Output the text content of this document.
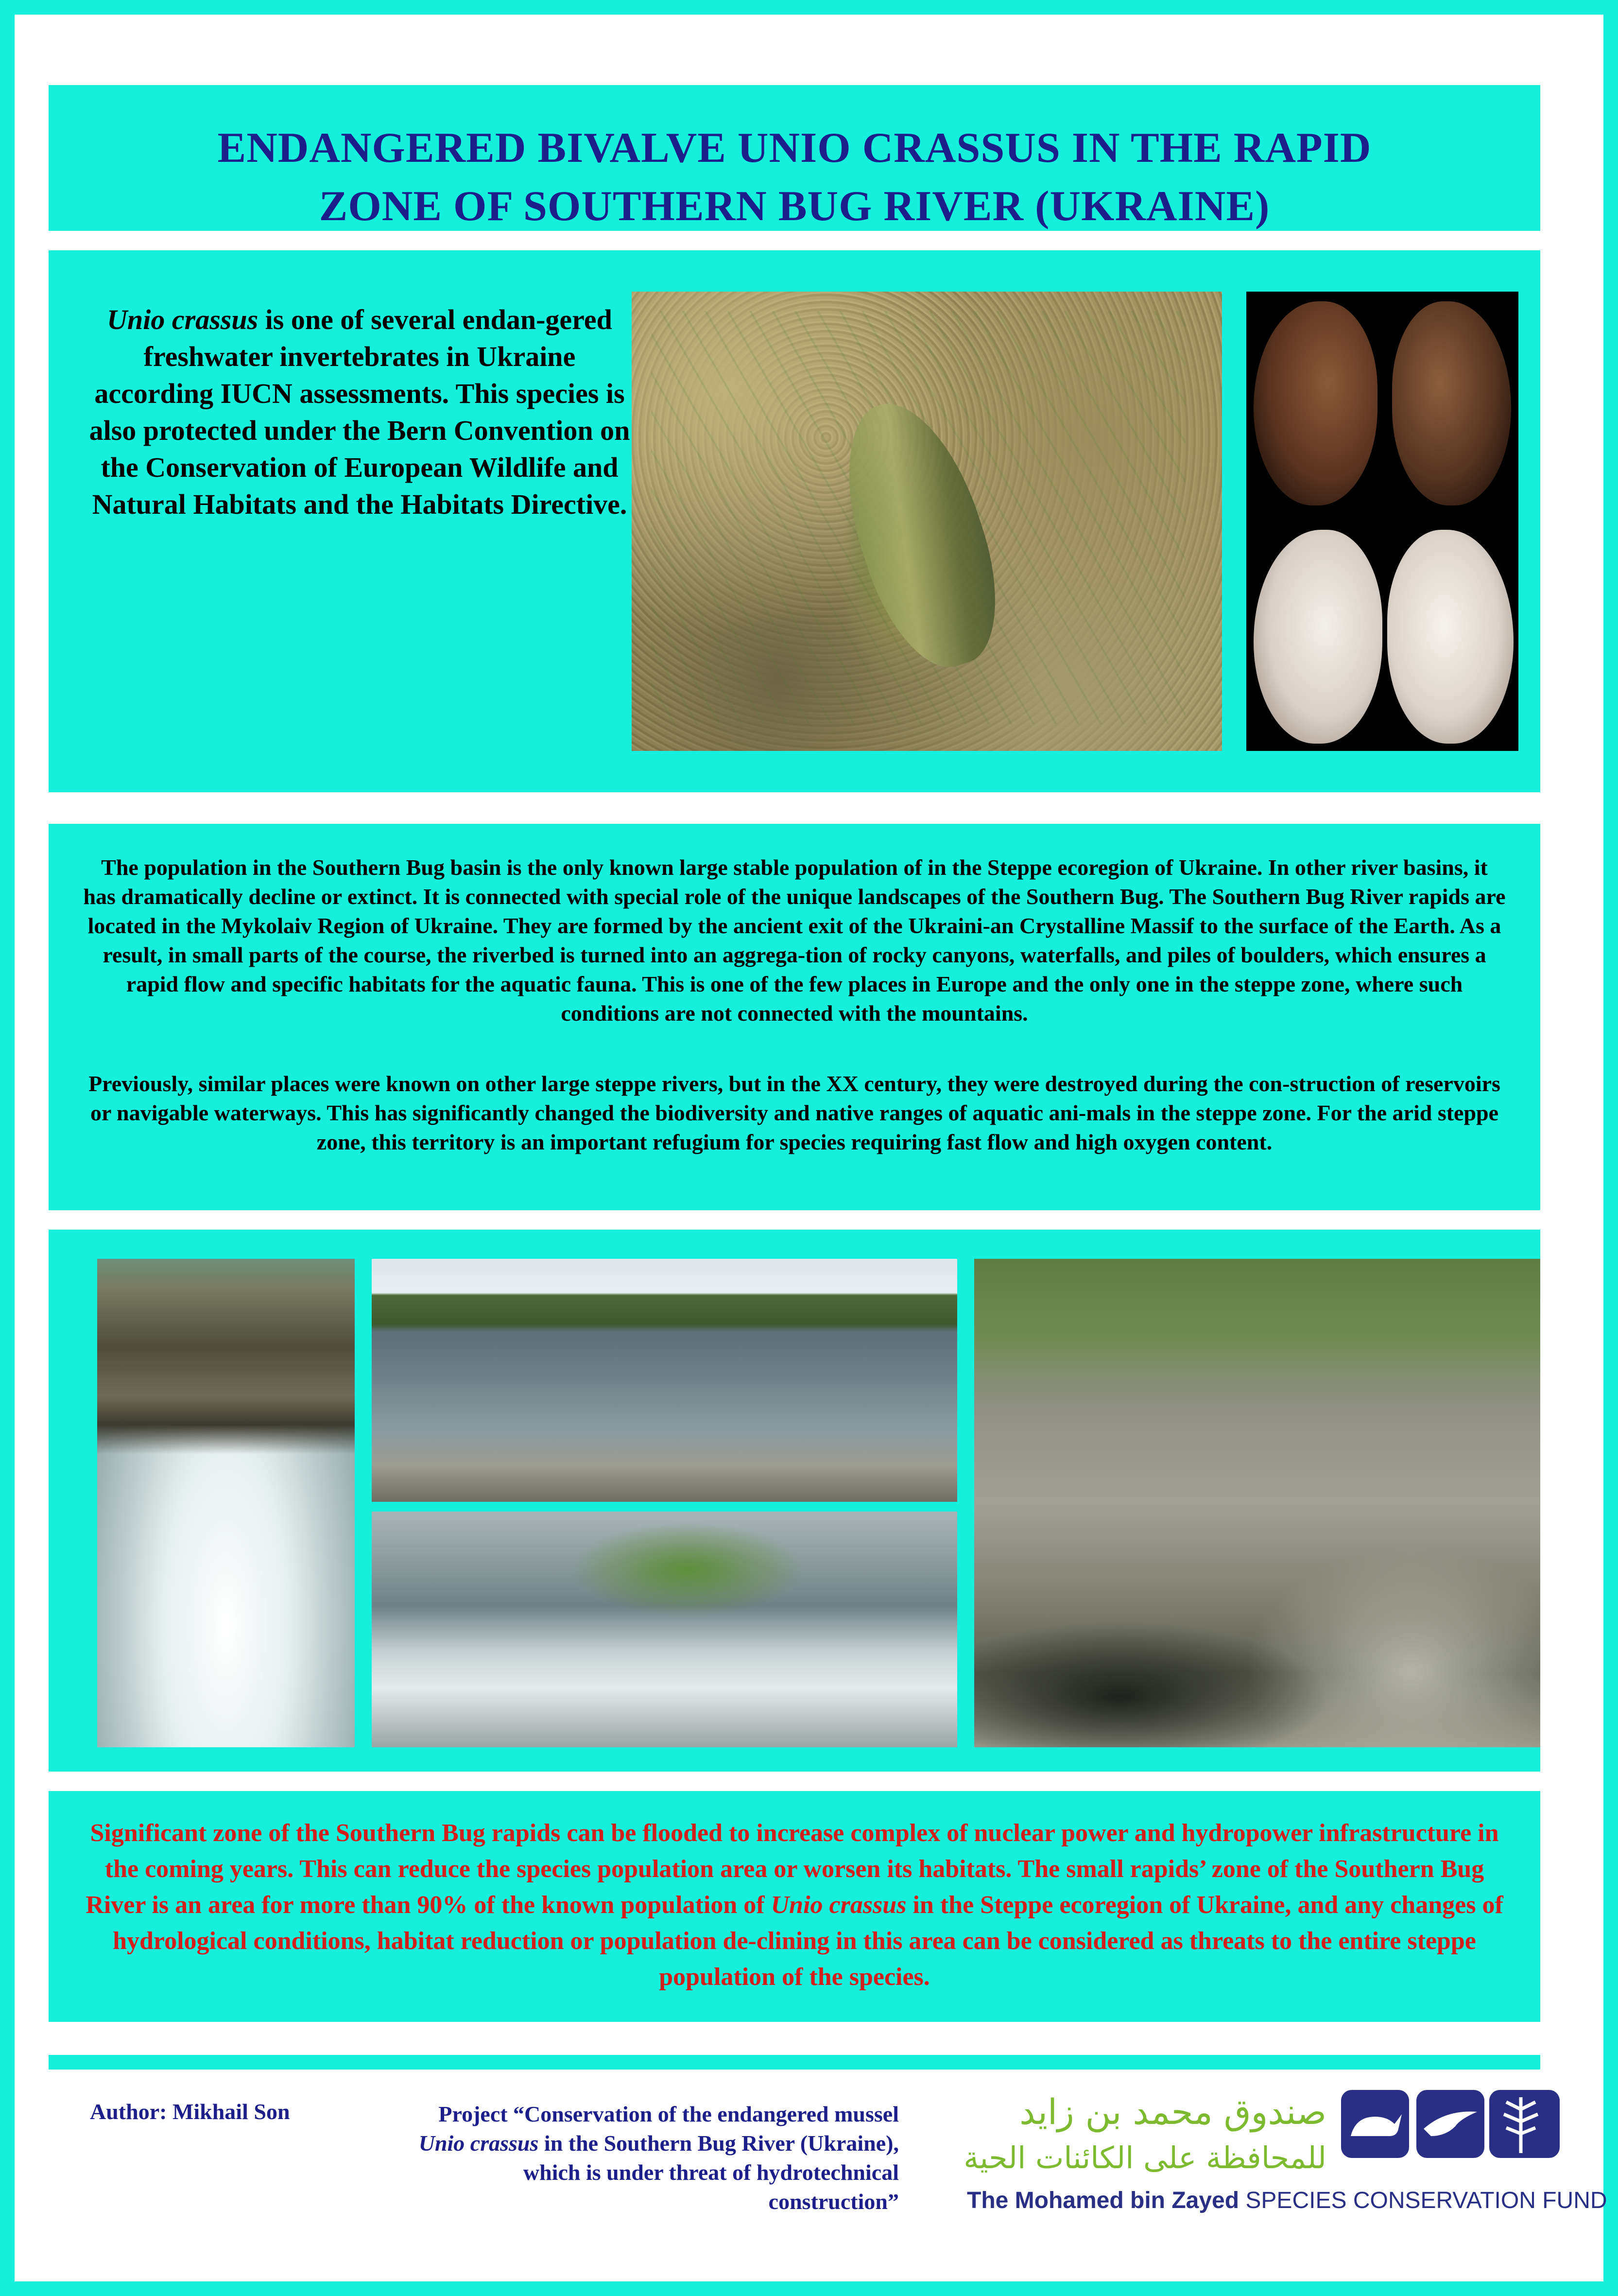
ENDANGERED BIVALVE UNIO CRASSUS IN THE RAPID
ZONE OF SOUTHERN BUG RIVER (UKRAINE)

Unio crassus is one of several endan-gered freshwater invertebrates in Ukraine according IUCN assessments. This species is also protected under the Bern Convention on the Conservation of European Wildlife and Natural Habitats and the Habitats Directive.

The population in the Southern Bug basin is the only known large stable population of in the Steppe ecoregion of Ukraine. In other river basins, it has dramatically decline or extinct. It is connected with special role of the unique landscapes of the Southern Bug. The Southern Bug River rapids are located in the Mykolaiv Region of Ukraine. They are formed by the ancient exit of the Ukraini-an Crystalline Massif to the surface of the Earth. As a result, in small parts of the course, the riverbed is turned into an aggrega-tion of rocky canyons, waterfalls, and piles of boulders, which ensures a rapid flow and specific habitats for the aquatic fauna. This is one of the few places in Europe and the only one in the steppe zone, where such conditions are not connected with the mountains.

Previously, similar places were known on other large steppe rivers, but in the XX century, they were destroyed during the con-struction of reservoirs or navigable waterways. This has significantly changed the biodiversity and native ranges of aquatic ani-mals in the steppe zone. For the arid steppe zone, this territory is an important refugium for species requiring fast flow and high oxygen content.

Significant zone of the Southern Bug rapids can be flooded to increase complex of nuclear power and hydropower infrastructure in the coming years. This can reduce the species population area or worsen its habitats. The small rapids’ zone of the Southern Bug River is an area for more than 90% of the known population of Unio crassus in the Steppe ecoregion of Ukraine, and any changes of hydrological conditions, habitat reduction or population de-clining in this area can be considered as threats to the entire steppe population of the species.

Author: Mikhail Son	Project “Conservation of the endangered mussel Unio crassus in the Southern Bug River (Ukraine), which is under threat of hydrotechnical construction”

صندوق محمد بن زايد
للمحافظة على الكائنات الحية
The Mohamed bin Zayed SPECIES CONSERVATION FUND
